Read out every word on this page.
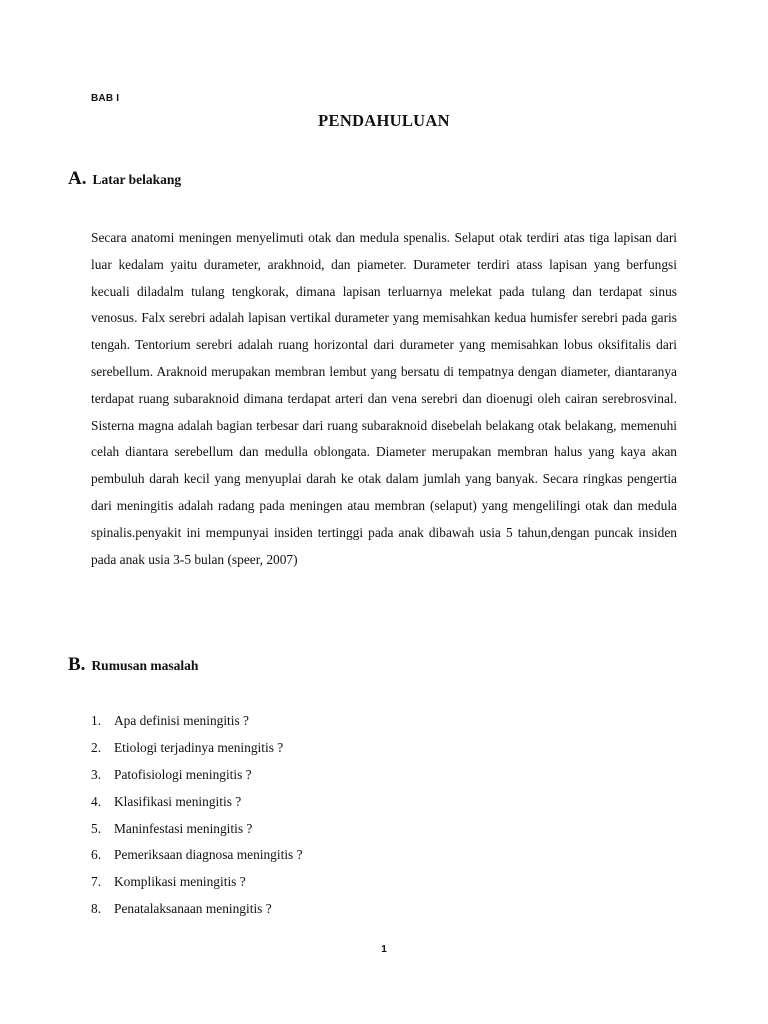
BAB I
PENDAHULUAN
A. Latar belakang

Secara anatomi meningen menyelimuti otak dan medula spenalis. Selaput otak terdiri atas tiga lapisan dari luar kedalam yaitu durameter, arakhnoid, dan piameter. Durameter terdiri atass lapisan yang berfungsi kecuali diladalm tulang tengkorak, dimana lapisan terluarnya melekat pada tulang dan terdapat sinus venosus. Falx serebri adalah lapisan vertikal durameter yang memisahkan kedua humisfer serebri pada garis tengah. Tentorium serebri adalah ruang horizontal dari durameter yang memisahkan lobus oksifitalis dari serebellum. Araknoid merupakan membran lembut yang bersatu di tempatnya dengan diameter, diantaranya terdapat ruang subaraknoid dimana terdapat arteri dan vena serebri dan dioenugi oleh cairan serebrosvinal. Sisterna magna adalah bagian terbesar dari ruang subaraknoid disebelah belakang otak belakang, memenuhi celah diantara serebellum dan medulla oblongata. Diameter merupakan membran halus yang kaya akan pembuluh darah kecil yang menyuplai darah ke otak dalam jumlah yang banyak. Secara ringkas pengertia dari meningitis adalah radang pada meningen atau membran (selaput) yang mengelilingi otak dan medula spinalis.penyakit ini mempunyai insiden tertinggi pada anak dibawah usia 5 tahun,dengan puncak insiden pada anak usia 3-5 bulan (speer, 2007)

B. Rumusan masalah
1. Apa definisi meningitis ?
2. Etiologi terjadinya meningitis ?
3. Patofisiologi meningitis ?
4. Klasifikasi meningitis ?
5. Maninfestasi meningitis ?
6. Pemeriksaan diagnosa meningitis ?
7. Komplikasi meningitis ?
8. Penatalaksanaan meningitis ?
1
